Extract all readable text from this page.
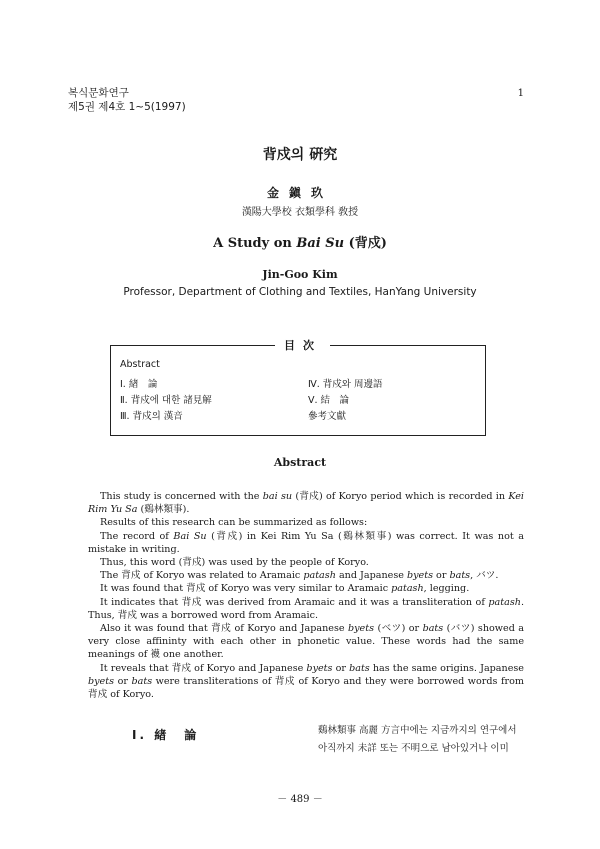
복식문화연구
제5권 제4호 1~5(1997)
1
背戍의 硏究
金鎭玖
漢陽大學校 衣類學科 敎授
A Study on Bai Su (背戍)
Jin-Goo Kim
Professor, Department of Clothing and Textiles, HanYang University
目次
Abstract
Ⅰ. 緖　論
Ⅱ. 背戍에 대한 諸見解
Ⅲ. 背戍의 漢音
Ⅳ. 背戍와 周邊語
Ⅴ. 結　論
參考文獻
Abstract

This study is concerned with the bai su (背戍) of Koryo period which is recorded in Kei Rim Yu Sa (鷄林類事).

Results of this research can be summarized as follows:

The record of Bai Su (背戍) in Kei Rim Yu Sa (鷄林類事) was correct. It was not a mistake in writing.

Thus, this word (背戍) was used by the people of Koryo.

The 背戍 of Koryo was related to Aramaic patash and Japanese byets or bats, バツ.

It was found that 背戍 of Koryo was very similar to Aramaic patash, legging.

It indicates that 背戍 was derived from Aramaic and it was a transliteration of patash. Thus, 背戍 was a borrowed word from Aramaic.

Also it was found that 背戍 of Koryo and Japanese byets (ベツ) or bats (バツ) showed a very close affininty with each other in phonetic value. These words had the same meanings of 襪 one another.

It reveals that 背戍 of Koryo and Japanese byets or bats has the same origins. Japanese byets or bats were transliterations of 背戍 of Koryo and they were borrowed words from 背戍 of Koryo.

Ⅰ. 緖　論	鷄林類事 高麗 方言中에는 지금까지의 연구에서
아직까지 未詳 또는 不明으로 남아있거나 이미
－ 489 －
